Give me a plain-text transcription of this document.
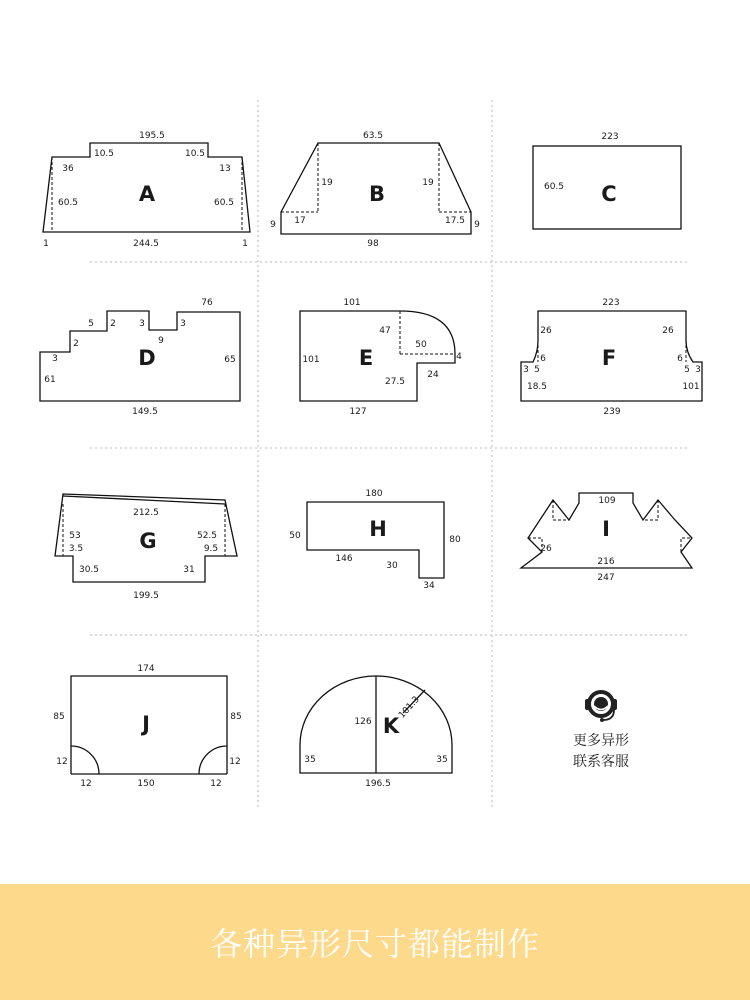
A
195.5
10.5	10.5
36	13
60.5	60.5
1	244.5	1
B
63.5
19	19
17	17.5
9	9
98
C
223
60.5
D
76
5 2	3	3
9
2
3
61
65
149.5
E
101
47
50
4
101
27.5
24
127
F
223
26	26
6	6
3 5	5 3
18.5	101
239
G
212.5
53	52.5
3.5	9.5
30.5	31
199.5
H
180
50	80
146
30
34
I
109
26
216
247
J
174
85	85
12	12
12	150	12
K
101.3
126
35	35
196.5
更多异形
联系客服
各种异形尺寸都能制作
